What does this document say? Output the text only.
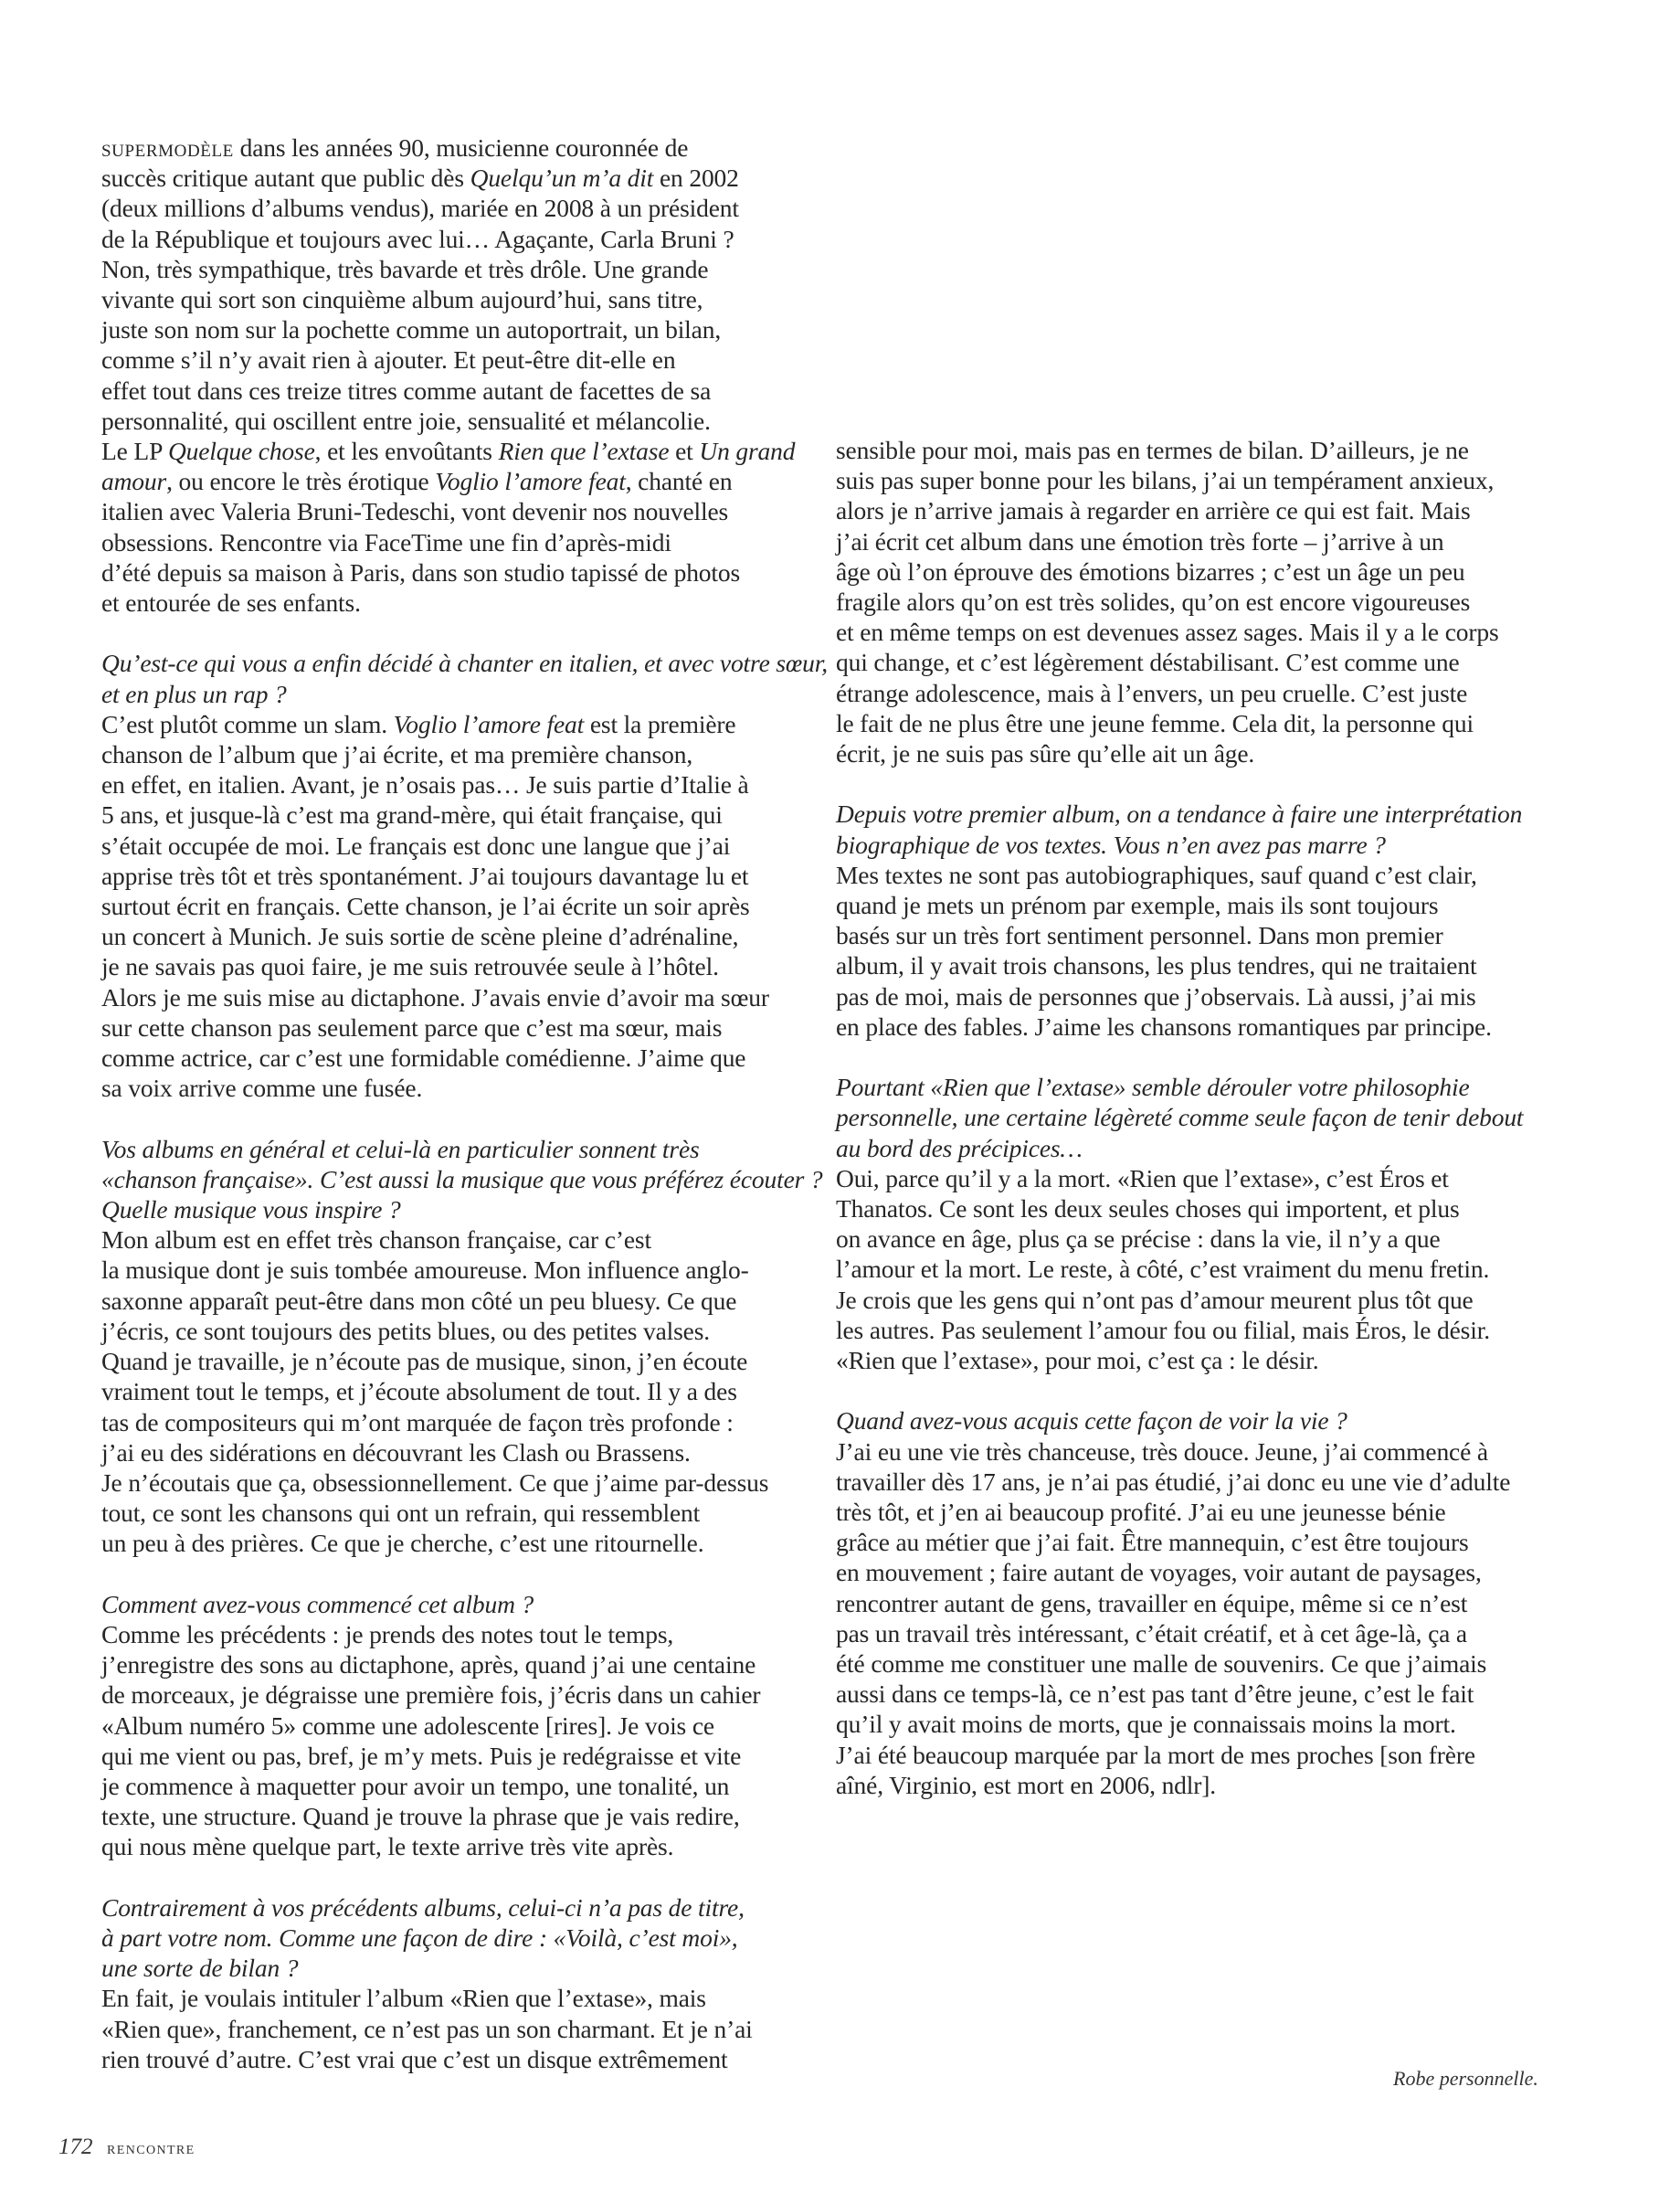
supermodèle dans les années 90, musicienne couronnée de
succès critique autant que public dès Quelqu’un m’a dit en 2002
(deux millions d’albums vendus), mariée en 2008 à un président
de la République et toujours avec lui… Agaçante, Carla Bruni ?
Non, très sympathique, très bavarde et très drôle. Une grande
vivante qui sort son cinquième album aujourd’hui, sans titre,
juste son nom sur la pochette comme un autoportrait, un bilan,
comme s’il n’y avait rien à ajouter. Et peut-être dit-elle en
effet tout dans ces treize titres comme autant de facettes de sa
personnalité, qui oscillent entre joie, sensualité et mélancolie.
Le LP Quelque chose, et les envoûtants Rien que l’extase et Un grand
amour, ou encore le très érotique Voglio l’amore feat, chanté en
italien avec Valeria Bruni-Tedeschi, vont devenir nos nouvelles
obsessions. Rencontre via FaceTime une fin d’après-midi
d’été depuis sa maison à Paris, dans son studio tapissé de photos
et entourée de ses enfants.
Qu’est-ce qui vous a enfin décidé à chanter en italien, et avec votre sœur,
et en plus un rap ?
C’est plutôt comme un slam. Voglio l’amore feat est la première
chanson de l’album que j’ai écrite, et ma première chanson,
en effet, en italien. Avant, je n’osais pas… Je suis partie d’Italie à
5 ans, et jusque-là c’est ma grand-mère, qui était française, qui
s’était occupée de moi. Le français est donc une langue que j’ai
apprise très tôt et très spontanément. J’ai toujours davantage lu et
surtout écrit en français. Cette chanson, je l’ai écrite un soir après
un concert à Munich. Je suis sortie de scène pleine d’adrénaline,
je ne savais pas quoi faire, je me suis retrouvée seule à l’hôtel.
Alors je me suis mise au dictaphone. J’avais envie d’avoir ma sœur
sur cette chanson pas seulement parce que c’est ma sœur, mais
comme actrice, car c’est une formidable comédienne. J’aime que
sa voix arrive comme une fusée.
Vos albums en général et celui-là en particulier sonnent très
«chanson française». C’est aussi la musique que vous préférez écouter ?
Quelle musique vous inspire ?
Mon album est en effet très chanson française, car c’est
la musique dont je suis tombée amoureuse. Mon influence anglo-
saxonne apparaît peut-être dans mon côté un peu bluesy. Ce que
j’écris, ce sont toujours des petits blues, ou des petites valses.
Quand je travaille, je n’écoute pas de musique, sinon, j’en écoute
vraiment tout le temps, et j’écoute absolument de tout. Il y a des
tas de compositeurs qui m’ont marquée de façon très profonde :
j’ai eu des sidérations en découvrant les Clash ou Brassens.
Je n’écoutais que ça, obsessionnellement. Ce que j’aime par-dessus
tout, ce sont les chansons qui ont un refrain, qui ressemblent
un peu à des prières. Ce que je cherche, c’est une ritournelle.
Comment avez-vous commencé cet album ?
Comme les précédents : je prends des notes tout le temps,
j’enregistre des sons au dictaphone, après, quand j’ai une centaine
de morceaux, je dégraisse une première fois, j’écris dans un cahier
«Album numéro 5» comme une adolescente [rires]. Je vois ce
qui me vient ou pas, bref, je m’y mets. Puis je redégraisse et vite
je commence à maquetter pour avoir un tempo, une tonalité, un
texte, une structure. Quand je trouve la phrase que je vais redire,
qui nous mène quelque part, le texte arrive très vite après.
Contrairement à vos précédents albums, celui-ci n’a pas de titre,
à part votre nom. Comme une façon de dire : «Voilà, c’est moi»,
une sorte de bilan ?
En fait, je voulais intituler l’album «Rien que l’extase», mais
«Rien que», franchement, ce n’est pas un son charmant. Et je n’ai
rien trouvé d’autre. C’est vrai que c’est un disque extrêmement
sensible pour moi, mais pas en termes de bilan. D’ailleurs, je ne
suis pas super bonne pour les bilans, j’ai un tempérament anxieux,
alors je n’arrive jamais à regarder en arrière ce qui est fait. Mais
j’ai écrit cet album dans une émotion très forte – j’arrive à un
âge où l’on éprouve des émotions bizarres ; c’est un âge un peu
fragile alors qu’on est très solides, qu’on est encore vigoureuses
et en même temps on est devenues assez sages. Mais il y a le corps
qui change, et c’est légèrement déstabilisant. C’est comme une
étrange adolescence, mais à l’envers, un peu cruelle. C’est juste
le fait de ne plus être une jeune femme. Cela dit, la personne qui
écrit, je ne suis pas sûre qu’elle ait un âge.
Depuis votre premier album, on a tendance à faire une interprétation
biographique de vos textes. Vous n’en avez pas marre ?
Mes textes ne sont pas autobiographiques, sauf quand c’est clair,
quand je mets un prénom par exemple, mais ils sont toujours
basés sur un très fort sentiment personnel. Dans mon premier
album, il y avait trois chansons, les plus tendres, qui ne traitaient
pas de moi, mais de personnes que j’observais. Là aussi, j’ai mis
en place des fables. J’aime les chansons romantiques par principe.
Pourtant «Rien que l’extase» semble dérouler votre philosophie
personnelle, une certaine légèreté comme seule façon de tenir debout
au bord des précipices…
Oui, parce qu’il y a la mort. «Rien que l’extase», c’est Éros et
Thanatos. Ce sont les deux seules choses qui importent, et plus
on avance en âge, plus ça se précise : dans la vie, il n’y a que
l’amour et la mort. Le reste, à côté, c’est vraiment du menu fretin.
Je crois que les gens qui n’ont pas d’amour meurent plus tôt que
les autres. Pas seulement l’amour fou ou filial, mais Éros, le désir.
«Rien que l’extase», pour moi, c’est ça : le désir.
Quand avez-vous acquis cette façon de voir la vie ?
J’ai eu une vie très chanceuse, très douce. Jeune, j’ai commencé à
travailler dès 17 ans, je n’ai pas étudié, j’ai donc eu une vie d’adulte
très tôt, et j’en ai beaucoup profité. J’ai eu une jeunesse bénie
grâce au métier que j’ai fait. Être mannequin, c’est être toujours
en mouvement ; faire autant de voyages, voir autant de paysages,
rencontrer autant de gens, travailler en équipe, même si ce n’est
pas un travail très intéressant, c’était créatif, et à cet âge-là, ça a
été comme me constituer une malle de souvenirs. Ce que j’aimais
aussi dans ce temps-là, ce n’est pas tant d’être jeune, c’est le fait
qu’il y avait moins de morts, que je connaissais moins la mort.
J’ai été beaucoup marquée par la mort de mes proches [son frère
aîné, Virginio, est mort en 2006, ndlr].
Robe personnelle.
172 rencontre
